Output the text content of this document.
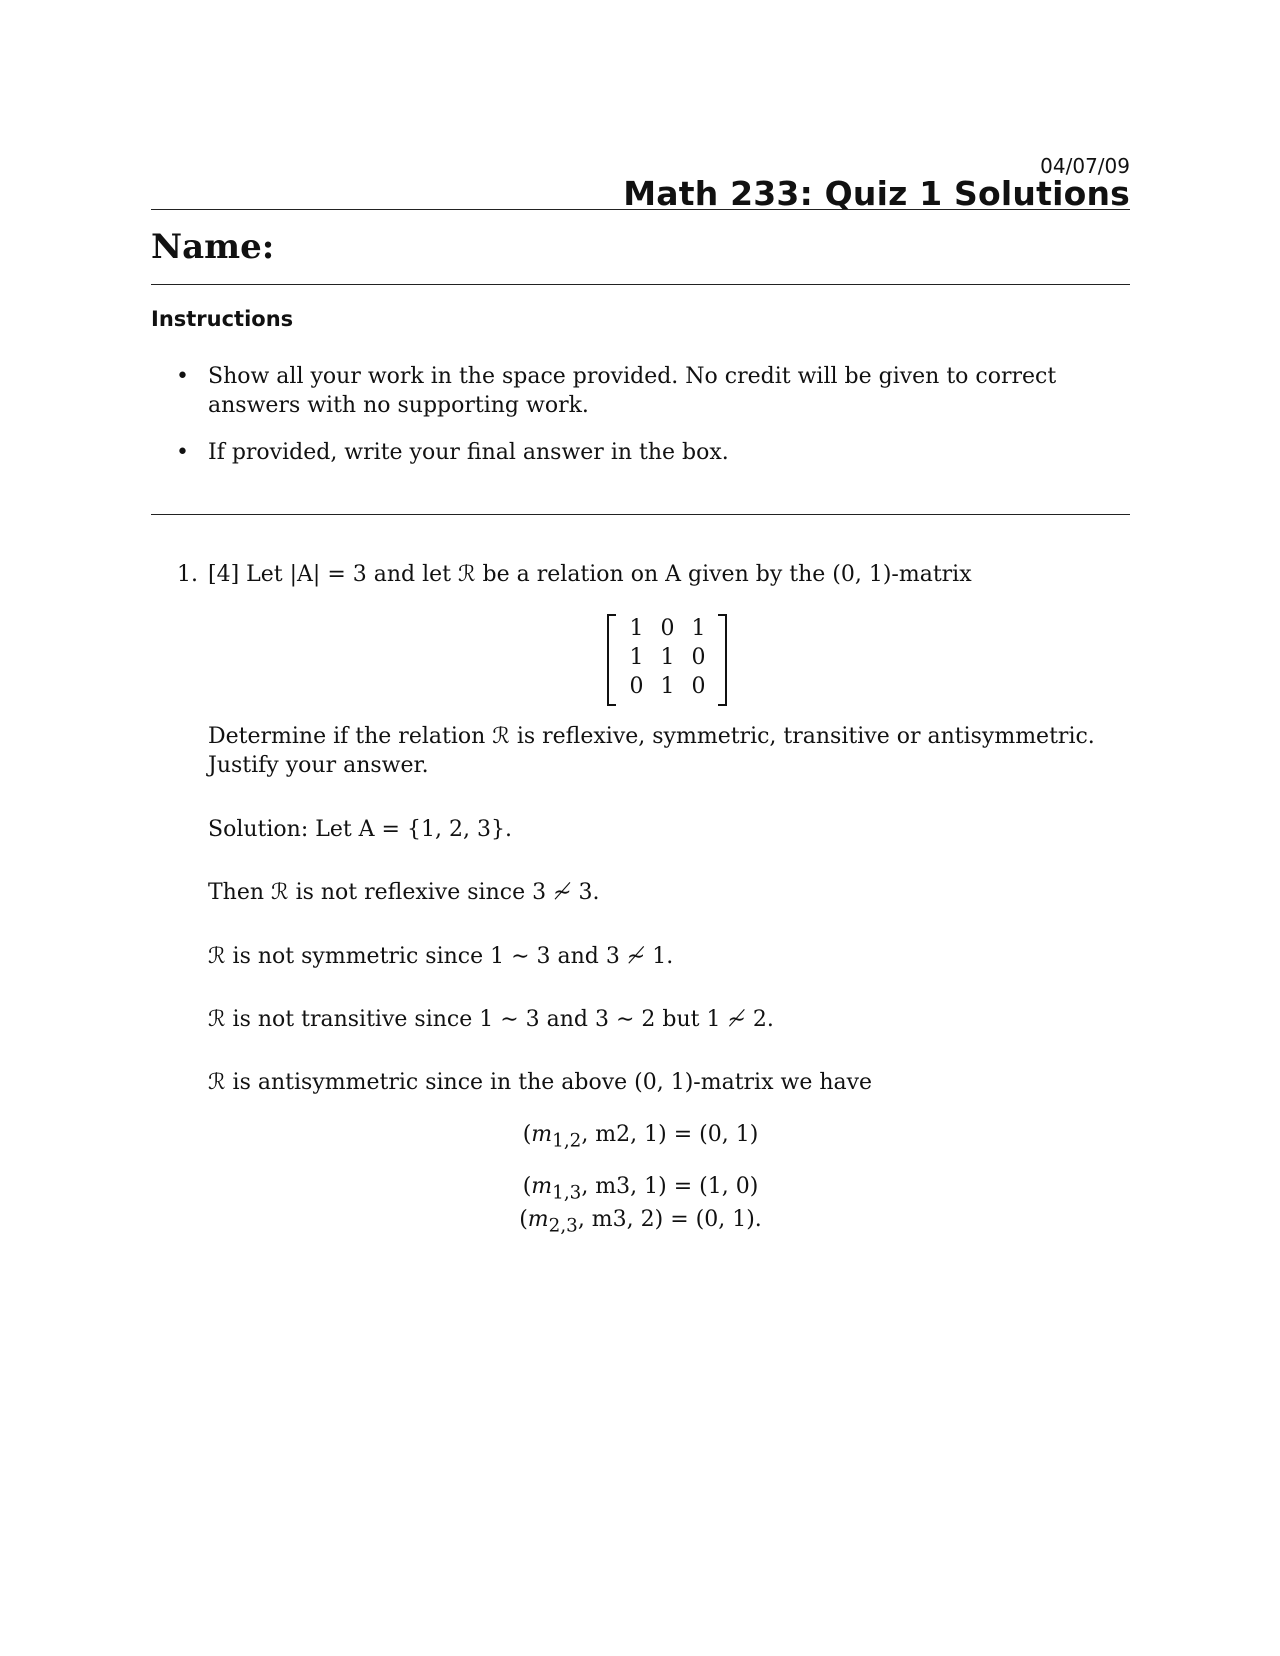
04/07/09
Math 233: Quiz 1 Solutions
Name:
Instructions
• Show all your work in the space provided. No credit will be given to correct answers with no supporting work.
• If provided, write your final answer in the box.
1. [4] Let |A| = 3 and let ℛ be a relation on A given by the (0, 1)-matrix
1	0	1
1	1	0
0	1	0
Determine if the relation ℛ is reflexive, symmetric, transitive or antisymmetric. Justify your answer.
Solution: Let A = {1, 2, 3}.
Then ℛ is not reflexive since 3 ≁ 3.
ℛ is not symmetric since 1 ∼ 3 and 3 ≁ 1.
ℛ is not transitive since 1 ∼ 3 and 3 ∼ 2 but 1 ≁ 2.
ℛ is antisymmetric since in the above (0, 1)-matrix we have
($m_{1,2}$, m2, 1) = (0, 1)
($m_{1,3}$, m3, 1) = (1, 0)
($m_{2,3}$, m3, 2) = (0, 1).
